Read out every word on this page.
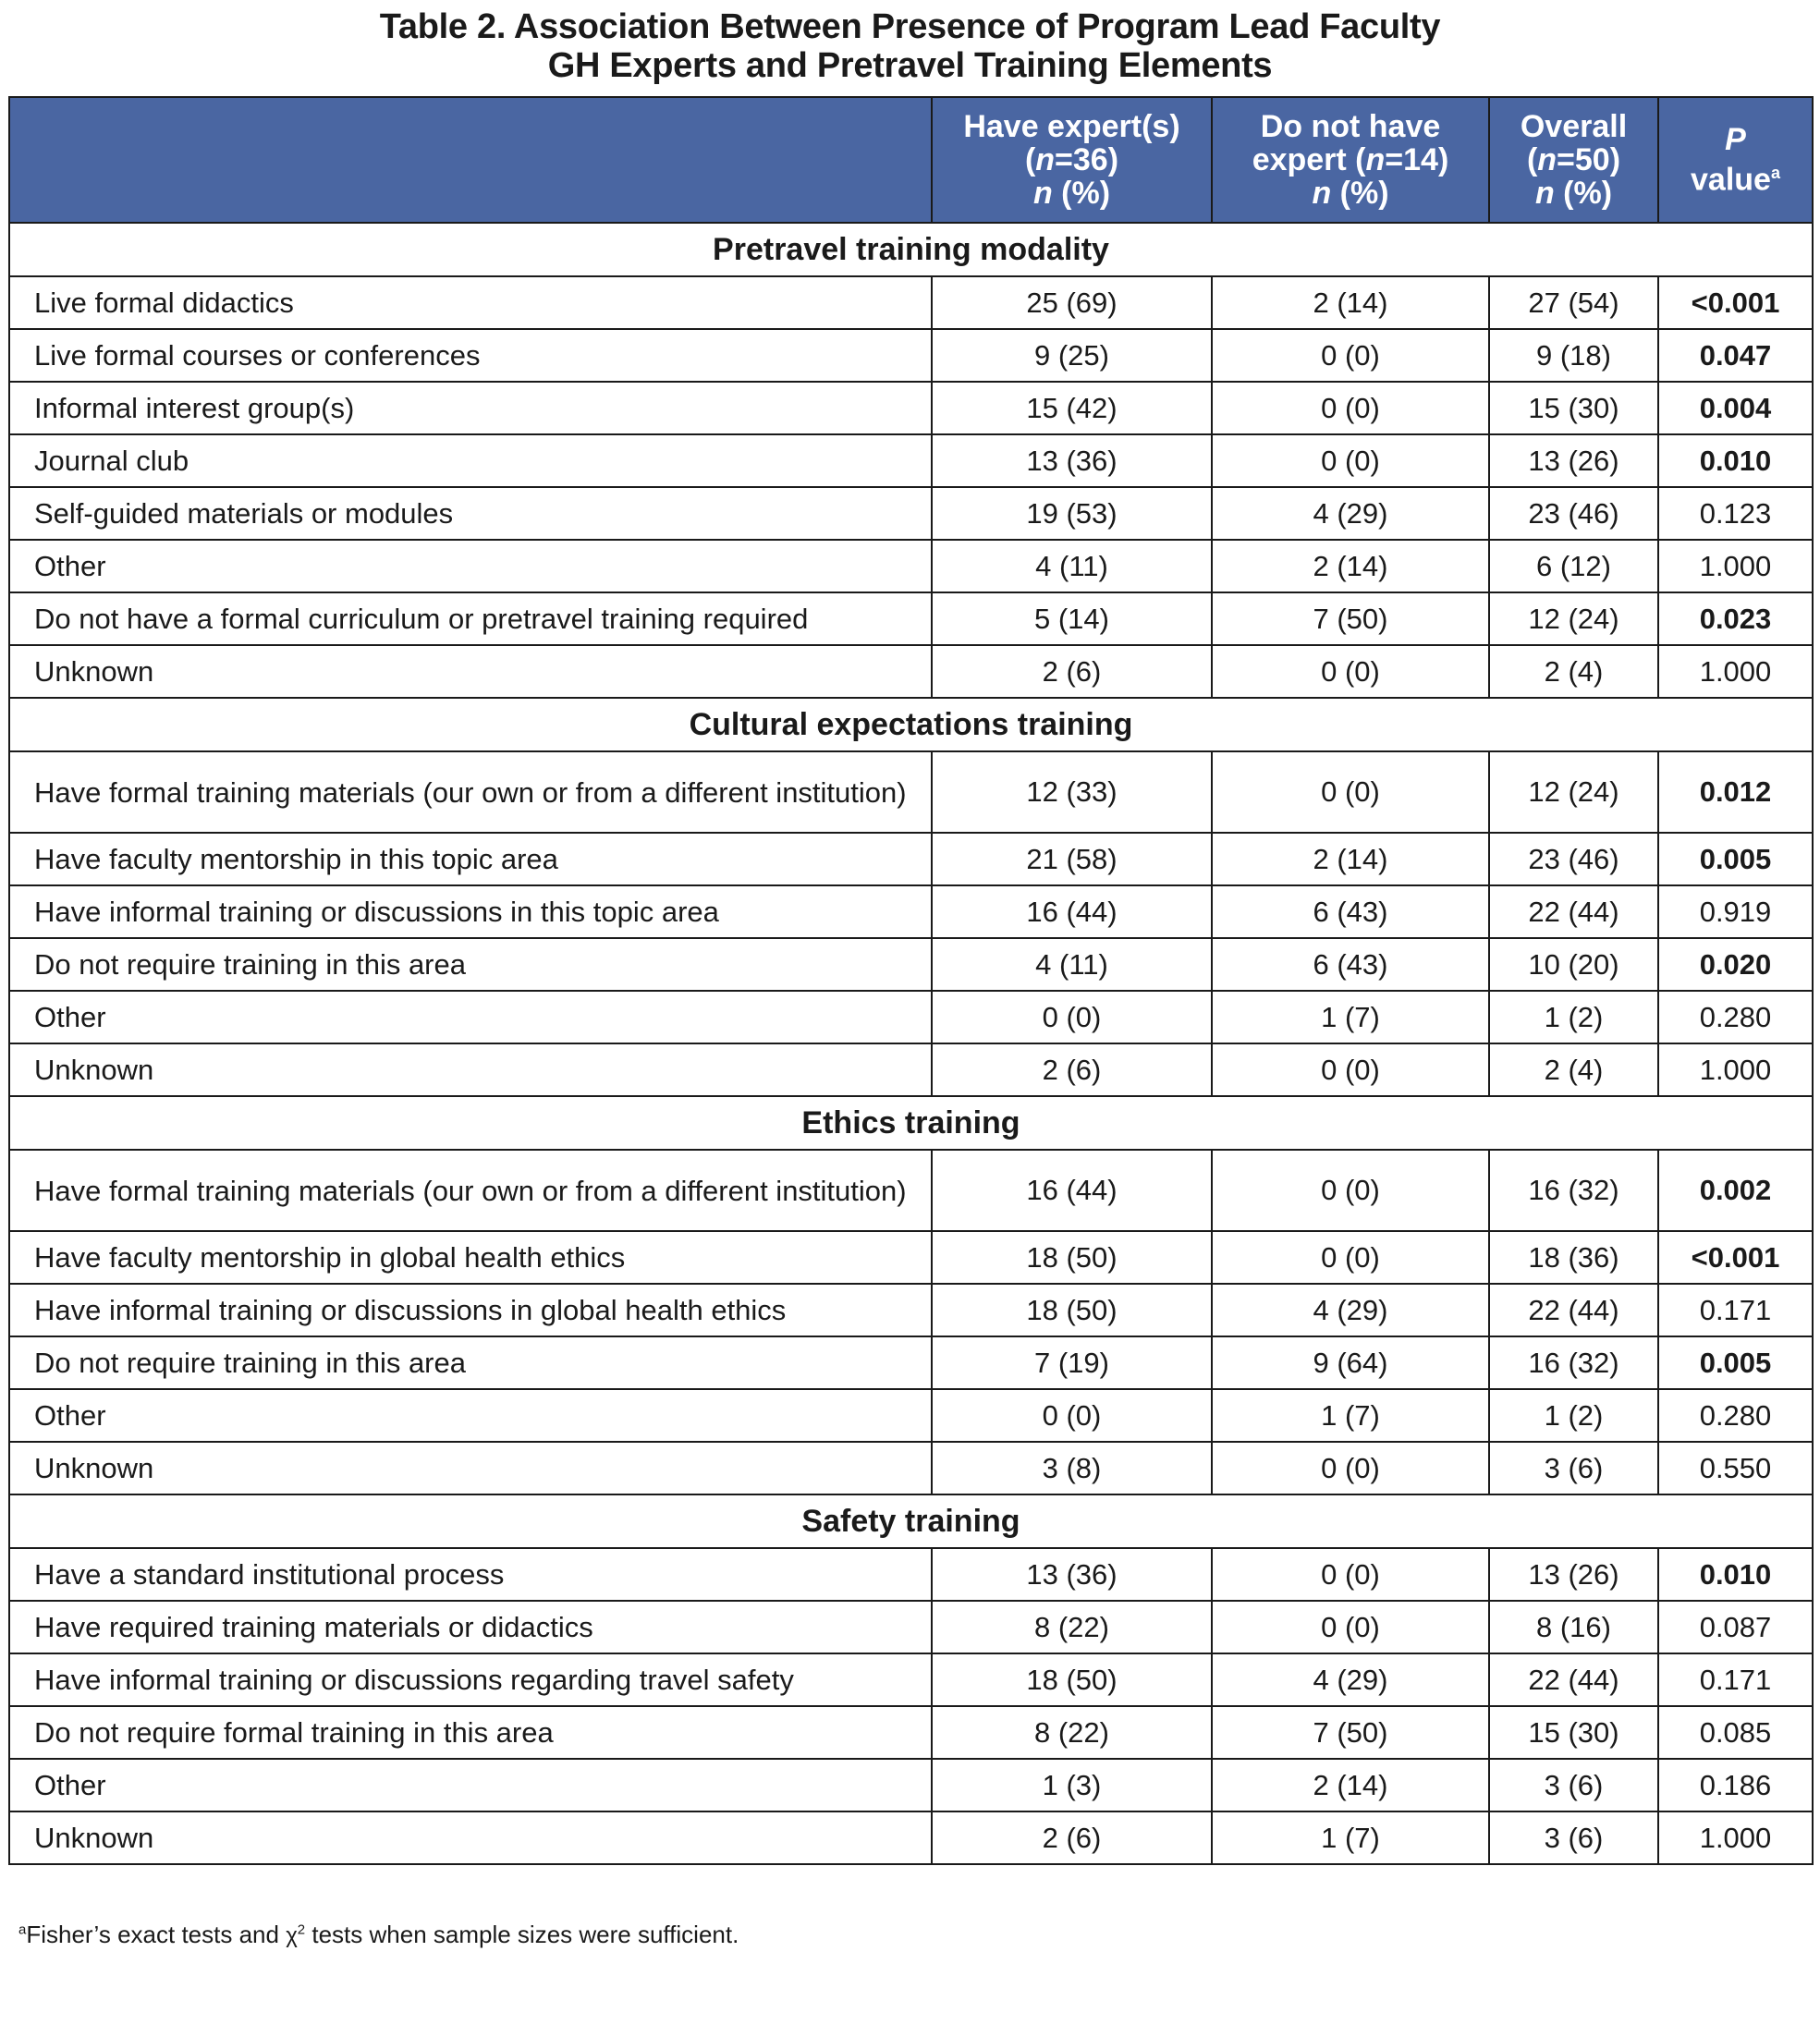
Table 2. Association Between Presence of Program Lead Faculty
GH Experts and Pretravel Training Elements

	Have expert(s)
(n=36)
n (%)	Do not have
expert (n=14)
n (%)	Overall
(n=50)
n (%)	P
value$^a$

Pretravel training modality				
Live formal didactics	25 (69)	2 (14)	27 (54)	<0.001
Live formal courses or conferences	9 (25)	0 (0)	9 (18)	0.047
Informal interest group(s)	15 (42)	0 (0)	15 (30)	0.004
Journal club	13 (36)	0 (0)	13 (26)	0.010
Self-guided materials or modules	19 (53)	4 (29)	23 (46)	0.123
Other	4 (11)	2 (14)	6 (12)	1.000
Do not have a formal curriculum or pretravel training required	5 (14)	7 (50)	12 (24)	0.023
Unknown	2 (6)	0 (0)	2 (4)	1.000
Cultural expectations training				
Have formal training materials (our own or from a different institution)	12 (33)	0 (0)	12 (24)	0.012
Have faculty mentorship in this topic area	21 (58)	2 (14)	23 (46)	0.005
Have informal training or discussions in this topic area	16 (44)	6 (43)	22 (44)	0.919
Do not require training in this area	4 (11)	6 (43)	10 (20)	0.020
Other	0 (0)	1 (7)	1 (2)	0.280
Unknown	2 (6)	0 (0)	2 (4)	1.000
Ethics training				
Have formal training materials (our own or from a different institution)	16 (44)	0 (0)	16 (32)	0.002
Have faculty mentorship in global health ethics	18 (50)	0 (0)	18 (36)	<0.001
Have informal training or discussions in global health ethics	18 (50)	4 (29)	22 (44)	0.171
Do not require training in this area	7 (19)	9 (64)	16 (32)	0.005
Other	0 (0)	1 (7)	1 (2)	0.280
Unknown	3 (8)	0 (0)	3 (6)	0.550
Safety training				
Have a standard institutional process	13 (36)	0 (0)	13 (26)	0.010
Have required training materials or didactics	8 (22)	0 (0)	8 (16)	0.087
Have informal training or discussions regarding travel safety	18 (50)	4 (29)	22 (44)	0.171
Do not require formal training in this area	8 (22)	7 (50)	15 (30)	0.085
Other	1 (3)	2 (14)	3 (6)	0.186
Unknown	2 (6)	1 (7)	3 (6)	1.000
$^a$Fisher’s exact tests and $\chi^2$ tests when sample sizes were sufficient.
